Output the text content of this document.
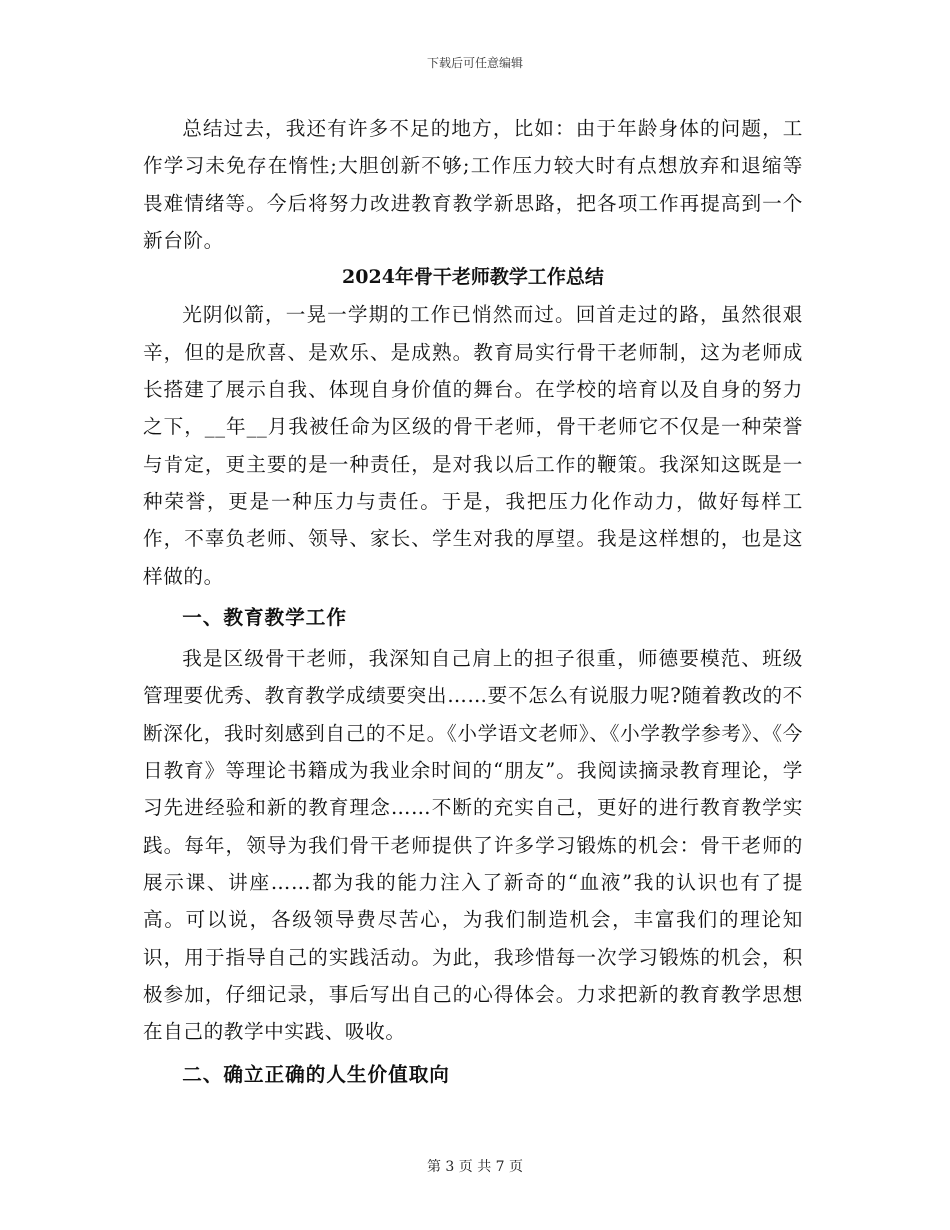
下载后可任意编辑

总结过去，我还有许多不足的地方，比如：由于年龄身体的问题，工作学习未免存在惰性;大胆创新不够;工作压力较大时有点想放弃和退缩等畏难情绪等。今后将努力改进教育教学新思路，把各项工作再提高到一个新台阶。

2024年骨干老师教学工作总结

光阴似箭，一晃一学期的工作已悄然而过。回首走过的路，虽然很艰辛，但的是欣喜、是欢乐、是成熟。教育局实行骨干老师制，这为老师成长搭建了展示自我、体现自身价值的舞台。在学校的培育以及自身的努力之下，__年__月我被任命为区级的骨干老师，骨干老师它不仅是一种荣誉与肯定，更主要的是一种责任，是对我以后工作的鞭策。我深知这既是一种荣誉，更是一种压力与责任。于是，我把压力化作动力，做好每样工作，不辜负老师、领导、家长、学生对我的厚望。我是这样想的，也是这样做的。

一、教育教学工作

我是区级骨干老师，我深知自己肩上的担子很重，师德要模范、班级管理要优秀、教育教学成绩要突出……要不怎么有说服力呢?随着教改的不断深化，我时刻感到自己的不足。《小学语文老师》、《小学教学参考》、《今日教育》等理论书籍成为我业余时间的“朋友”。我阅读摘录教育理论，学习先进经验和新的教育理念……不断的充实自己，更好的进行教育教学实践。每年，领导为我们骨干老师提供了许多学习锻炼的机会：骨干老师的展示课、讲座……都为我的能力注入了新奇的“血液”我的认识也有了提高。可以说，各级领导费尽苦心，为我们制造机会，丰富我们的理论知识，用于指导自己的实践活动。为此，我珍惜每一次学习锻炼的机会，积极参加，仔细记录，事后写出自己的心得体会。力求把新的教育教学思想在自己的教学中实践、吸收。

二、确立正确的人生价值取向

第 3 页 共 7 页
